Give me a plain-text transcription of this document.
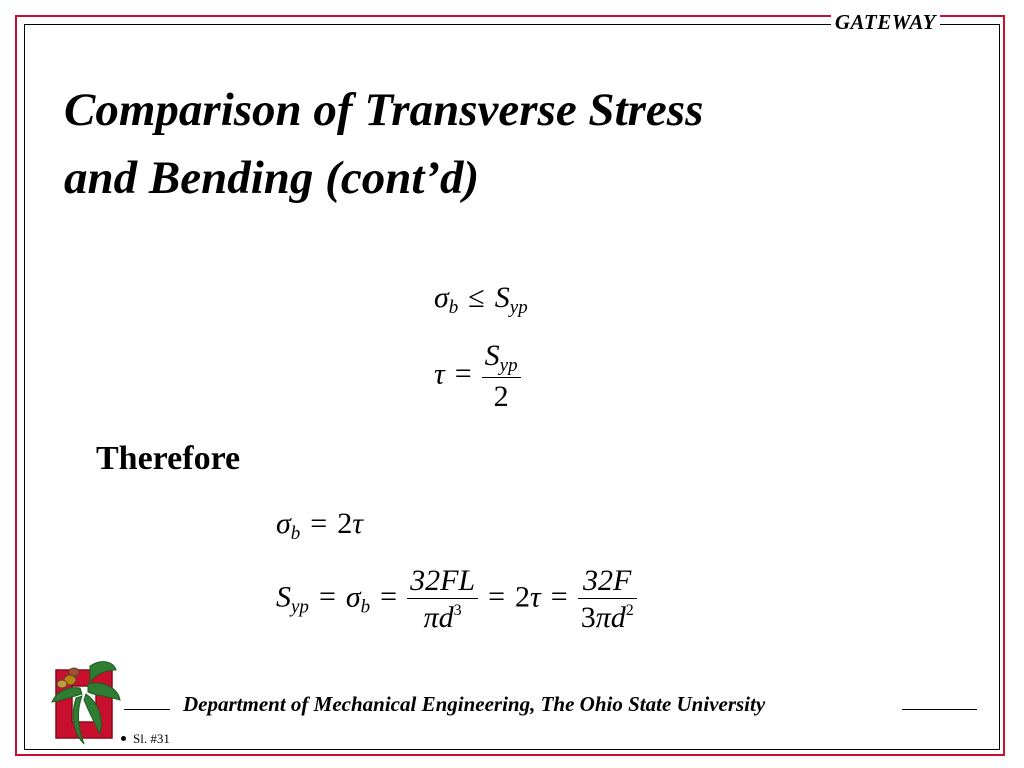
GATEWAY
Comparison of Transverse Stress
and Bending (cont’d)
$\sigma_b \le S_{yp}$
$\tau = \frac{S_{yp}}{2}$

Therefore

$\sigma_b = 2\tau$
$S_{yp} = \sigma_b = \frac{32FL}{\pi d^3} = 2\tau = \frac{32F}{3\pi d^2}$
Department of Mechanical Engineering, The Ohio State University
Sl. #31
